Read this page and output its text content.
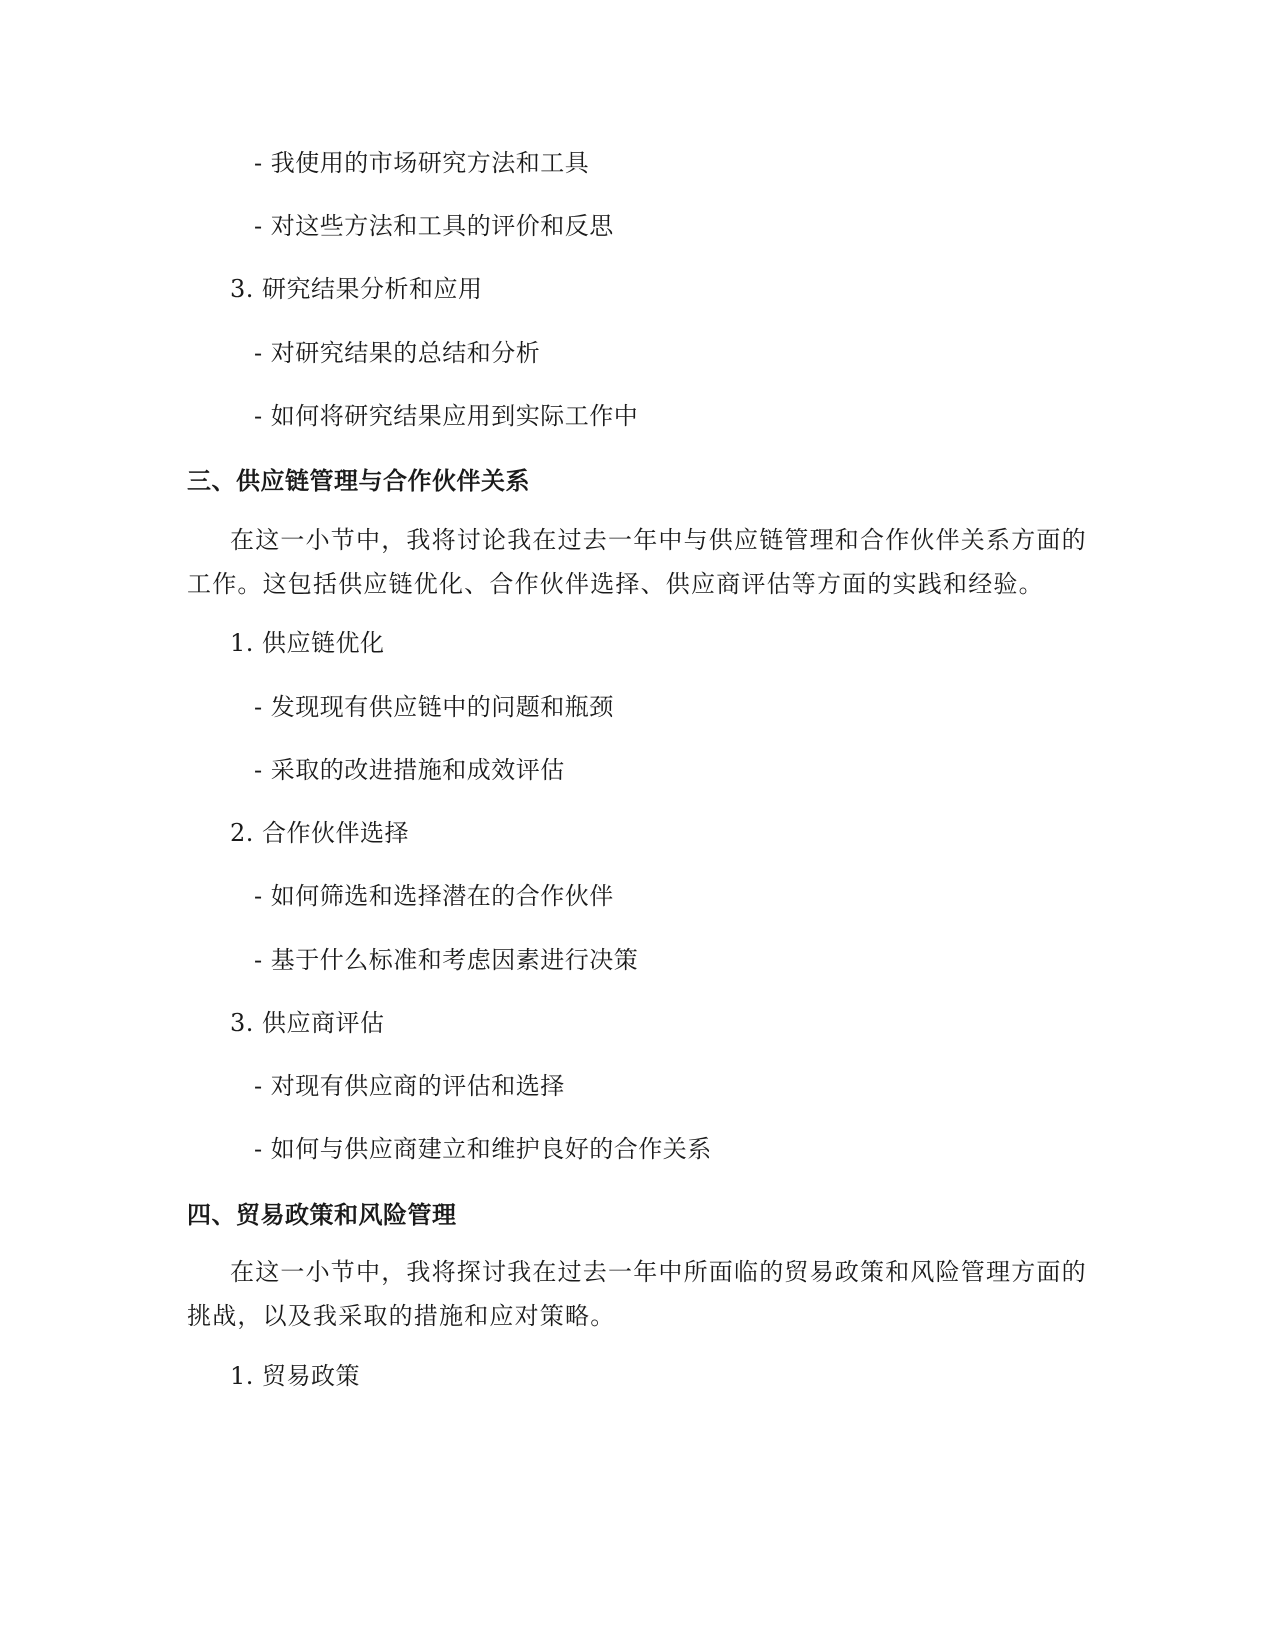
- 我使用的市场研究方法和工具
- 对这些方法和工具的评价和反思
3. 研究结果分析和应用
- 对研究结果的总结和分析
- 如何将研究结果应用到实际工作中
三、供应链管理与合作伙伴关系
在这一小节中，我将讨论我在过去一年中与供应链管理和合作伙伴关系方面的工作。这包括供应链优化、合作伙伴选择、供应商评估等方面的实践和经验。
1. 供应链优化
- 发现现有供应链中的问题和瓶颈
- 采取的改进措施和成效评估
2. 合作伙伴选择
- 如何筛选和选择潜在的合作伙伴
- 基于什么标准和考虑因素进行决策
3. 供应商评估
- 对现有供应商的评估和选择
- 如何与供应商建立和维护良好的合作关系
四、贸易政策和风险管理
在这一小节中，我将探讨我在过去一年中所面临的贸易政策和风险管理方面的挑战，以及我采取的措施和应对策略。
1. 贸易政策
